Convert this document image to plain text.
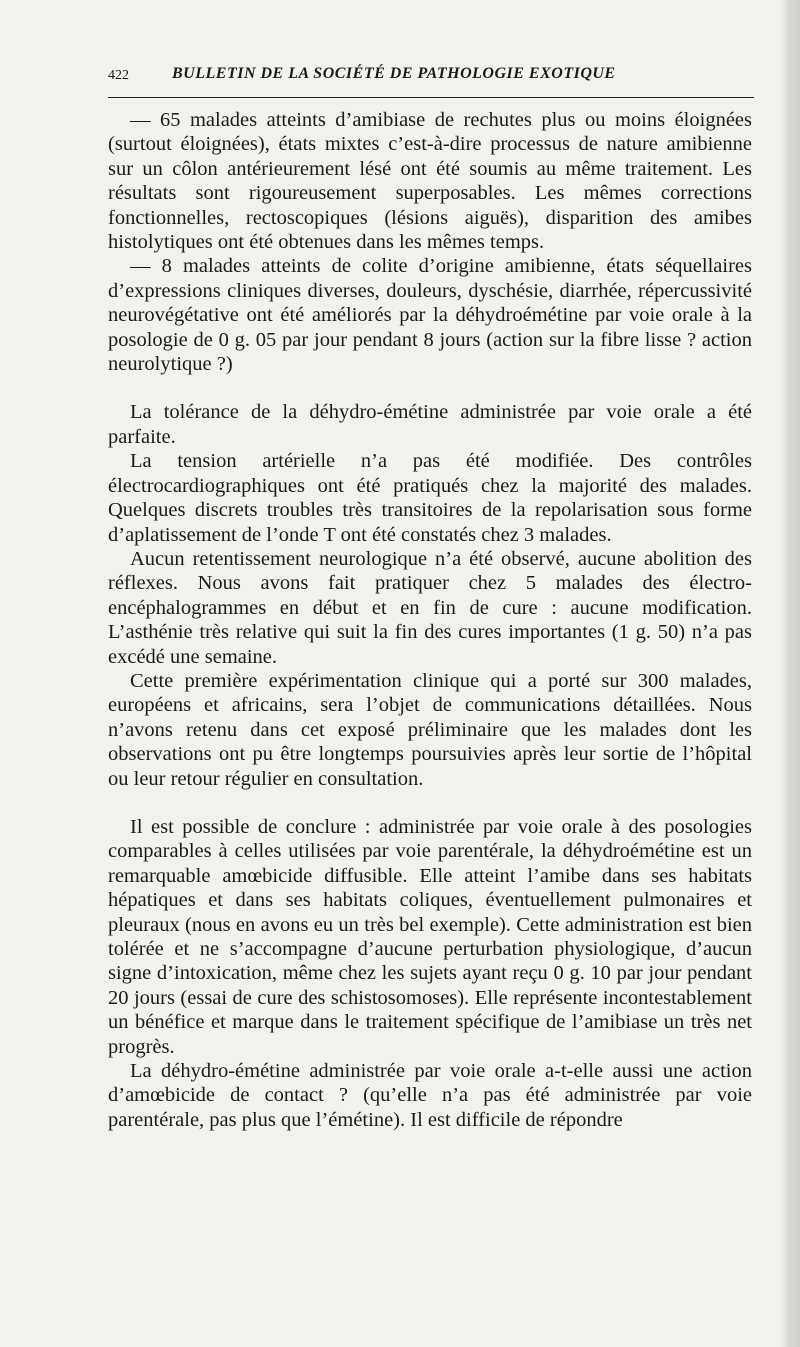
422	BULLETIN DE LA SOCIÉTÉ DE PATHOLOGIE EXOTIQUE

— 65 malades atteints d’amibiase de rechutes plus ou moins éloignées (surtout éloignées), états mixtes c’est-à-dire processus de nature amibienne sur un côlon antérieurement lésé ont été soumis au même traitement. Les résultats sont rigoureusement superposables. Les mêmes corrections fonctionnelles, rectoscopiques (lésions aiguës), disparition des amibes histolytiques ont été obtenues dans les mêmes temps.

— 8 malades atteints de colite d’origine amibienne, états séquellaires d’expressions cliniques diverses, douleurs, dyschésie, diarrhée, répercussivité neurovégétative ont été améliorés par la déhydroémétine par voie orale à la posologie de 0 g. 05 par jour pendant 8 jours (action sur la fibre lisse ? action neurolytique ?)

La tolérance de la déhydro-émétine administrée par voie orale a été parfaite.

La tension artérielle n’a pas été modifiée. Des contrôles électrocardiographiques ont été pratiqués chez la majorité des malades. Quelques discrets troubles très transitoires de la repolarisation sous forme d’aplatissement de l’onde T ont été constatés chez 3 malades.

Aucun retentissement neurologique n’a été observé, aucune abolition des réflexes. Nous avons fait pratiquer chez 5 malades des électro-encéphalogrammes en début et en fin de cure : aucune modification. L’asthénie très relative qui suit la fin des cures importantes (1 g. 50) n’a pas excédé une semaine.

Cette première expérimentation clinique qui a porté sur 300 malades, européens et africains, sera l’objet de communications détaillées. Nous n’avons retenu dans cet exposé préliminaire que les malades dont les observations ont pu être longtemps poursuivies après leur sortie de l’hôpital ou leur retour régulier en consultation.

Il est possible de conclure : administrée par voie orale à des posologies comparables à celles utilisées par voie parentérale, la déhydroémétine est un remarquable amœbicide diffusible. Elle atteint l’amibe dans ses habitats hépatiques et dans ses habitats coliques, éventuellement pulmonaires et pleuraux (nous en avons eu un très bel exemple). Cette administration est bien tolérée et ne s’accompagne d’aucune perturbation physiologique, d’aucun signe d’intoxication, même chez les sujets ayant reçu 0 g. 10 par jour pendant 20 jours (essai de cure des schistosomoses). Elle représente incontestablement un bénéfice et marque dans le traitement spécifique de l’amibiase un très net progrès.

La déhydro-émétine administrée par voie orale a-t-elle aussi une action d’amœbicide de contact ? (qu’elle n’a pas été administrée par voie parentérale, pas plus que l’émétine). Il est difficile de répondre
